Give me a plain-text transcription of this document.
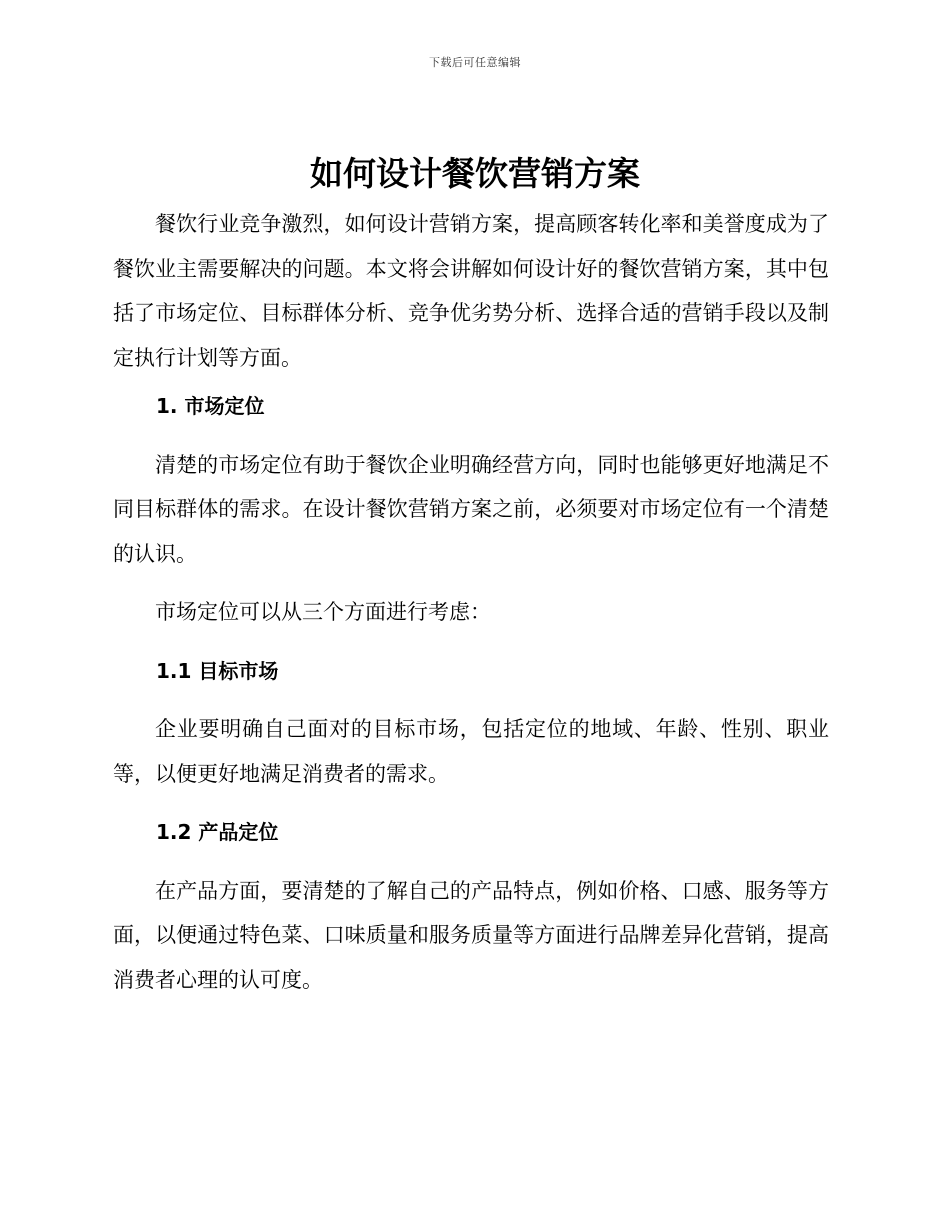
下载后可任意编辑
如何设计餐饮营销方案

餐饮行业竞争激烈，如何设计营销方案，提高顾客转化率和美誉度成为了餐饮业主需要解决的问题。本文将会讲解如何设计好的餐饮营销方案，其中包括了市场定位、目标群体分析、竞争优劣势分析、选择合适的营销手段以及制定执行计划等方面。

1. 市场定位

清楚的市场定位有助于餐饮企业明确经营方向，同时也能够更好地满足不同目标群体的需求。在设计餐饮营销方案之前，必须要对市场定位有一个清楚的认识。

市场定位可以从三个方面进行考虑：

1.1 目标市场

企业要明确自己面对的目标市场，包括定位的地域、年龄、性别、职业等，以便更好地满足消费者的需求。

1.2 产品定位

在产品方面，要清楚的了解自己的产品特点，例如价格、口感、服务等方面，以便通过特色菜、口味质量和服务质量等方面进行品牌差异化营销，提高消费者心理的认可度。
